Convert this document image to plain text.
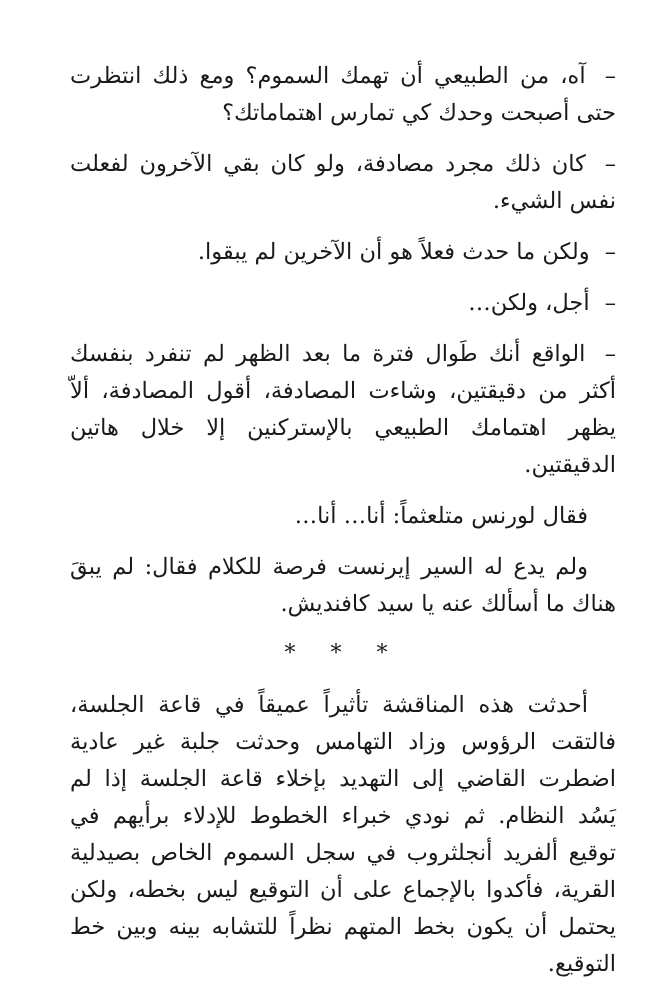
– آه، من الطبيعي أن تهمك السموم؟ ومع ذلك انتظرت حتى أصبحت وحدك كي تمارس اهتماماتك؟

– كان ذلك مجرد مصادفة، ولو كان بقي الآخرون لفعلت نفس الشيء.

– ولكن ما حدث فعلاً هو أن الآخرين لم يبقوا.

– أجل، ولكن…

– الواقع أنك طَوال فترة ما بعد الظهر لم تنفرد بنفسك أكثر من دقيقتين، وشاءت المصادفة، أقول المصادفة، ألاّ يظهر اهتمامك الطبيعي بالإستركنين إلا خلال هاتين الدقيقتين.

فقال لورنس متلعثماً: أنا… أنا…

ولم يدع له السير إيرنست فرصة للكلام فقال: لم يبقَ هناك ما أسألك عنه يا سيد كافنديش.

* * *

أحدثت هذه المناقشة تأثيراً عميقاً في قاعة الجلسة، فالتقت الرؤوس وزاد التهامس وحدثت جلبة غير عادية اضطرت القاضي إلى التهديد بإخلاء قاعة الجلسة إذا لم يَسُد النظام. ثم نودي خبراء الخطوط للإدلاء برأيهم في توقيع ألفريد أنجلثروب في سجل السموم الخاص بصيدلية القرية، فأكدوا بالإجماع على أن التوقيع ليس بخطه، ولكن يحتمل أن يكون بخط المتهم نظراً للتشابه بينه وبين خط التوقيع.
